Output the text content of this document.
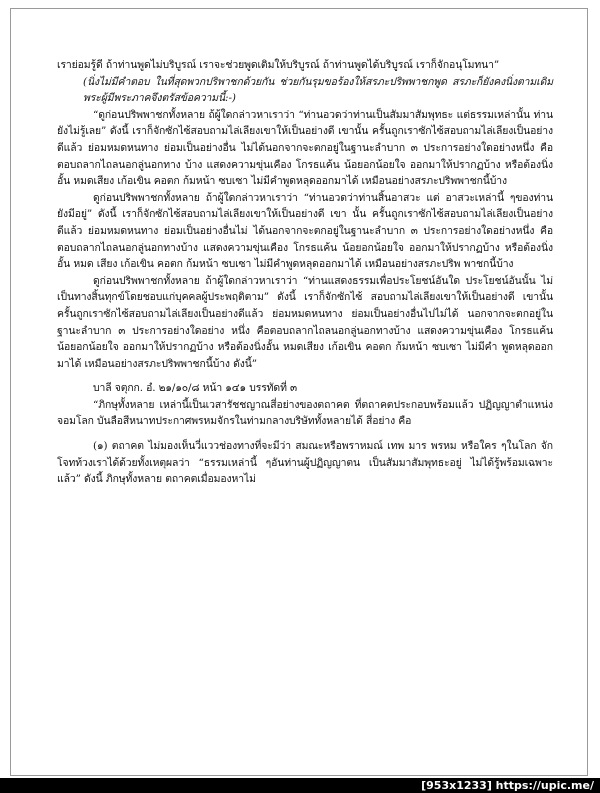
เราย่อมรู้ดี ถ้าท่านพูดไม่บริบูรณ์ เราจะช่วยพูดเติมให้บริบูรณ์ ถ้าท่านพูดได้บริบูรณ์ เราก็จักอนุโมทนา”

(นิ่งไม่มีคำตอบ ในที่สุดพวกปริพาชกด้วยกัน ช่วยกันรุมขอร้องให้สรภะปริพพาชกพูด สรภะก็ยังคงนิ่งตามเดิม พระผู้มีพระภาคจึงตรัสข้อความนี้:-)

“ดูก่อนปริพพาชกทั้งหลาย ถ้ผู้ใดกล่าวหาเราว่า “ท่านอวดว่าท่านเป็นสัมมาสัมพุทธะ แต่ธรรมเหล่านั้น ท่านยังไม่รู้เลย” ดังนี้ เราก็จักซักไซ้สอบถามไล่เลียงเขาให้เป็นอย่างดี เขานั้น ครั้นถูกเราซักไซ้สอบถามไล่เลียงเป็นอย่างดีแล้ว ย่อมหมดหนทาง ย่อมเป็นอย่างอื่น ไม่ได้นอกจากจะตกอยู่ในฐานะลำบาก ๓ ประการอย่างใดอย่างหนึ่ง คือตอบถลากไถลนอกลู่นอกทาง บ้าง แสดงความขุ่นเคือง โกรธแค้น น้อยอกน้อยใจ ออกมาให้ปรากฏบ้าง หรือต้องนิ่งอั้น หมดเสียง เก้อเขิน คอตก ก้มหน้า ซบเซา ไม่มีคำพูดหลุดออกมาได้ เหมือนอย่างสรภะปริพพาชกนี้บ้าง

ดูก่อนปริพพาชกทั้งหลาย ถ้าผู้ใดกล่าวหาเราว่า “ท่านอวดว่าท่านสิ้นอาสวะ แต่ อาสวะเหล่านี้ ๆของท่าน ยังมีอยู่” ดังนี้ เราก็จักซักไซ้สอบถามไล่เลียงเขาให้เป็นอย่างดี เขา นั้น ครั้นถูกเราซักไซ้สอบถามไล่เลียงเป็นอย่างดีแล้ว ย่อมหมดหนทาง ย่อมเป็นอย่างอื่นไม่ ได้นอกจากจะตกอยู่ในฐานะลำบาก ๓ ประการอย่างใดอย่างหนึ่ง คือตอบถลากไถลนอกลู่นอกทางบ้าง แสดงความขุ่นเคือง โกรธแค้น น้อยอกน้อยใจ ออกมาให้ปรากฏบ้าง หรือต้องนิ่งอั้น หมด เสียง เก้อเขิน คอตก ก้มหน้า ซบเซา ไม่มีคำพูดหลุดออกมาได้ เหมือนอย่างสรภะปริพ พาชกนี้บ้าง

ดูก่อนปริพพาชกทั้งหลาย ถ้าผู้ใดกล่าวหาเราว่า “ท่านแสดงธรรมเพื่อประโยชน์อันใด ประโยชน์อันนั้น ไม่เป็นทางสิ้นทุกข์โดยชอบแก่บุคคลผู้ประพฤติตาม” ดังนี้ เราก็จักซักไซ้ สอบถามไล่เลียงเขาให้เป็นอย่างดี เขานั้น ครั้นถูกเราซักไซ้สอบถามไล่เลียงเป็นอย่างดีแล้ว ย่อมหมดหนทาง ย่อมเป็นอย่างอื่นไปไม่ได้ นอกจากจะตกอยู่ในฐานะลำบาก ๓ ประการอย่างใดอย่าง หนึ่ง คือตอบถลากไถลนอกลู่นอกทางบ้าง แสดงความขุ่นเคือง โกรธแค้น น้อยอกน้อยใจ ออกมาให้ปรากฏบ้าง หรือต้องนิ่งอั้น หมดเสียง เก้อเขิน คอตก ก้มหน้า ซบเซา ไม่มีคำ พูดหลุดออกมาได้ เหมือนอย่างสรภะปริพพาชกนี้บ้าง ดังนี้”

บาลี จตุกก. อํ. ๒๑/๑๐/๘ หน้า ๑๔๑ บรรทัดที่ ๓

“ภิกษุทั้งหลาย เหล่านี้เป็นเวสารัชชญาณสี่อย่างของตถาคต ที่ตถาคตประกอบพร้อมแล้ว ปฏิญญาตำแหน่งจอมโลก บันลือสีหนาทประกาศพรหมจักรในท่ามกลางบริษัททั้งหลายได้ สี่อย่าง คือ

(๑) ตถาคต ไม่มองเห็นวี่แววช่องทางที่จะมีว่า สมณะหรือพราหมณ์ เทพ มาร พรหม หรือใคร ๆในโลก จักโจทท้วงเราได้ด้วยทั้งเหตุผลว่า “ธรรมเหล่านี้ ๆอันท่านผู้ปฏิญญาตน เป็นสัมมาสัมพุทธะอยู่ ไม่ได้รู้พร้อมเฉพาะแล้ว” ดังนี้ ภิกษุทั้งหลาย ตถาคตเมื่อมองหาไม่

[953x1233] https://upic.me/
